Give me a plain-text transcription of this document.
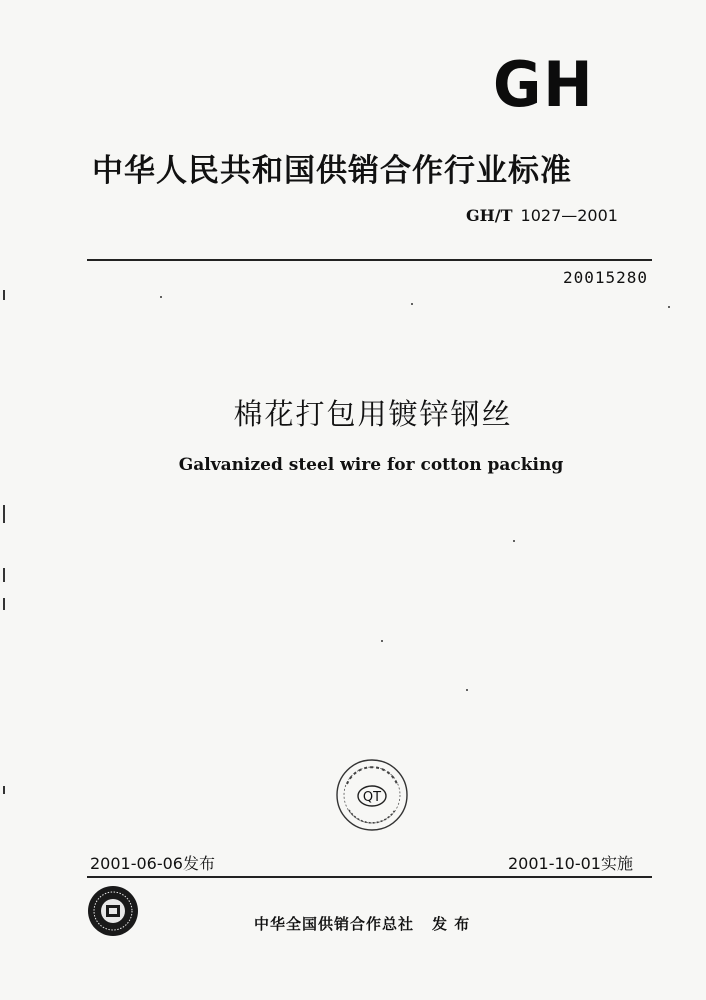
GH
中华人民共和国供销合作行业标准
GH/T 1027—2001
20015280
棉花打包用镀锌钢丝
Galvanized steel wire for cotton packing
QT
2001-06-06发布	2001-10-01实施
中华全国供销合作总社 发 布
